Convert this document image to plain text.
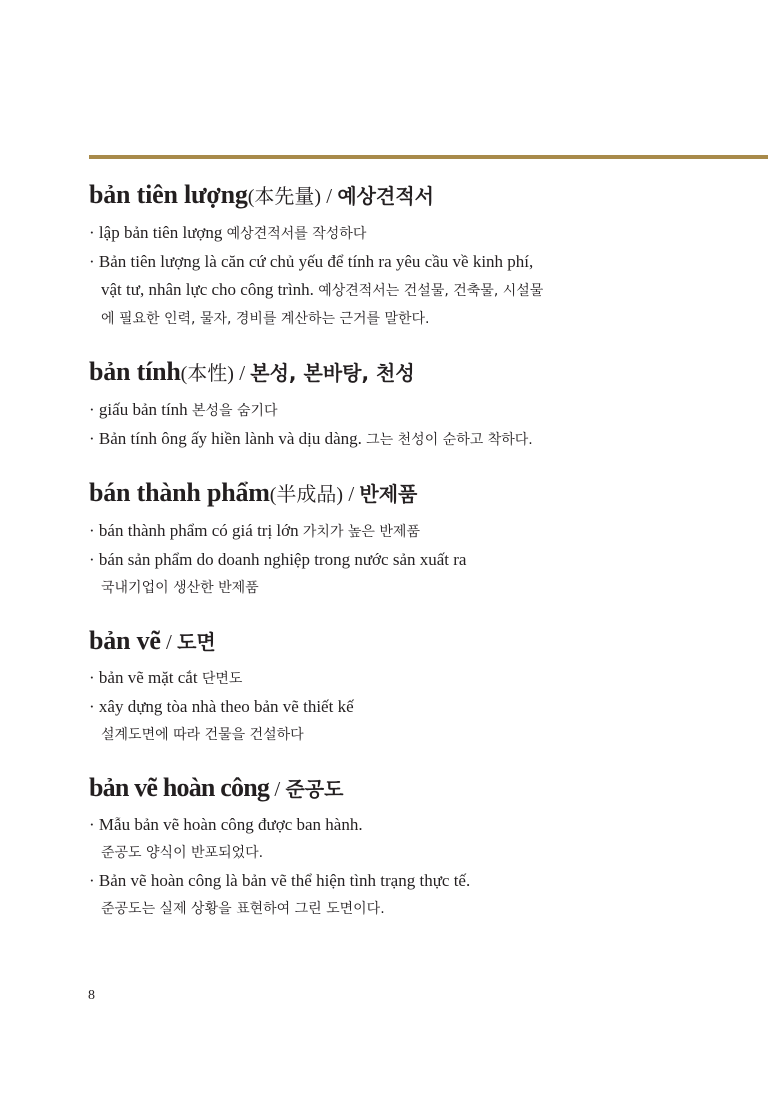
bản tiên lượng(本先量) / 예상견적서

· lập bản tiên lượng 예상견적서를 작성하다

· Bản tiên lượng là căn cứ chủ yếu để tính ra yêu cầu về kinh phí,
vật tư, nhân lực cho công trình. 예상견적서는 건설물, 건축물, 시설물
에 필요한 인력, 물자, 경비를 계산하는 근거를 말한다.

bản tính(本性) / 본성, 본바탕, 천성

· giấu bản tính 본성을 숨기다

· Bản tính ông ấy hiền lành và dịu dàng. 그는 천성이 순하고 착하다.

bán thành phẩm(半成品) / 반제품

· bán thành phẩm có giá trị lớn 가치가 높은 반제품

· bán sản phẩm do doanh nghiệp trong nước sản xuất ra
국내기업이 생산한 반제품

bản vẽ / 도면

· bản vẽ mặt cắt 단면도

· xây dựng tòa nhà theo bản vẽ thiết kế
설계도면에 따라 건물을 건설하다

bản vẽ hoàn công / 준공도

· Mẫu bản vẽ hoàn công được ban hành.
준공도 양식이 반포되었다.

· Bản vẽ hoàn công là bản vẽ thể hiện tình trạng thực tế.
준공도는 실제 상황을 표현하여 그린 도면이다.

8
